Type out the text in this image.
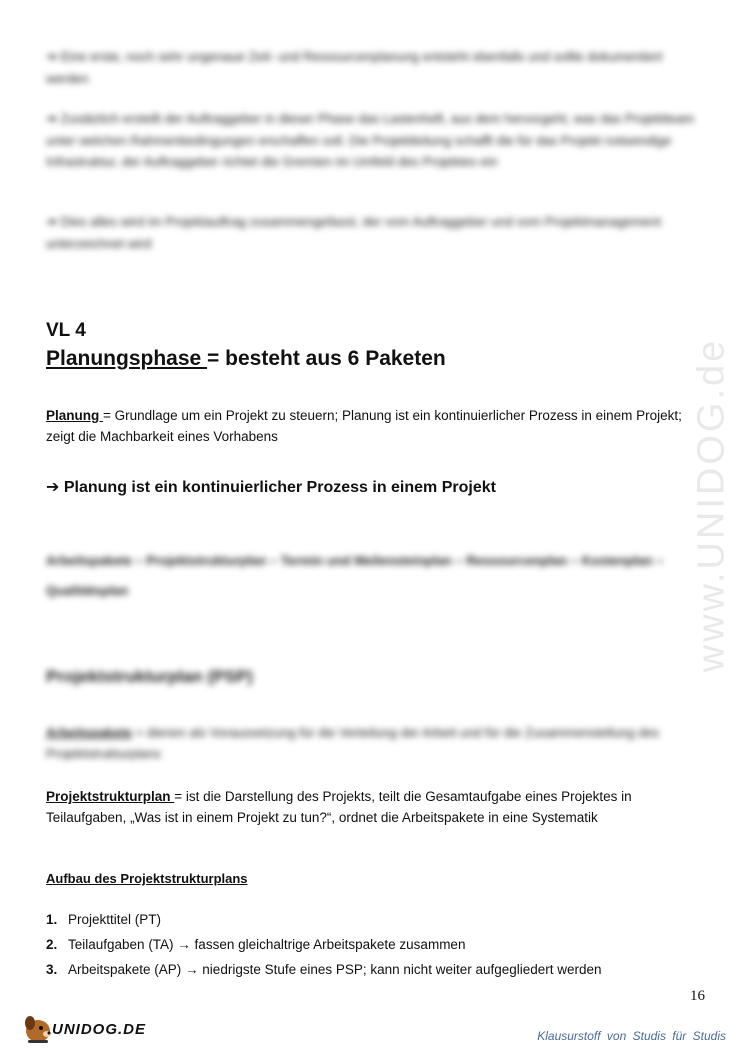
➔ Eine erste, noch sehr ungenaue Zeit- und Ressourcenplanung entsteht ebenfalls und sollte dokumentiert werden
➔ Zusätzlich erstellt der Auftraggeber in dieser Phase das Lastenheft, aus dem hervorgeht, was das Projektteam unter welchen Rahmenbedingungen erschaffen soll. Die Projektleitung schafft die für das Projekt notwendige Infrastruktur, der Auftraggeber richtet die Gremien im Umfeld des Projektes ein
➔ Dies alles wird im Projektauftrag zusammengefasst, der vom Auftraggeber und vom Projektmanagement unterzeichnet wird
VL 4
Planungsphase = besteht aus 6 Paketen
Planung = Grundlage um ein Projekt zu steuern; Planung ist ein kontinuierlicher Prozess in einem Projekt; zeigt die Machbarkeit eines Vorhabens
➔ Planung ist ein kontinuierlicher Prozess in einem Projekt
Arbeitspakete – Projektstrukturplan – Termin und Meilensteinplan – Ressourcenplan – Kostenplan – Qualitätsplan
Projektstrukturplan (PSP)
Arbeitspakete = dienen als Voraussetzung für die Verteilung der Arbeit und für die Zusammenstellung des Projektstrukturplans
Projektstrukturplan = ist die Darstellung des Projekts, teilt die Gesamtaufgabe eines Projektes in Teilaufgaben, „Was ist in einem Projekt zu tun?“, ordnet die Arbeitspakete in eine Systematik
Aufbau des Projektstrukturplans
1. Projekttitel (PT)
2. Teilaufgaben (TA) → fassen gleichaltrige Arbeitspakete zusammen
3. Arbeitspakete (AP) → niedrigste Stufe eines PSP; kann nicht weiter aufgegliedert werden
16
www.UNIDOG.de
UNIDOG.DE	Klausurstoff von Studis für Studis
